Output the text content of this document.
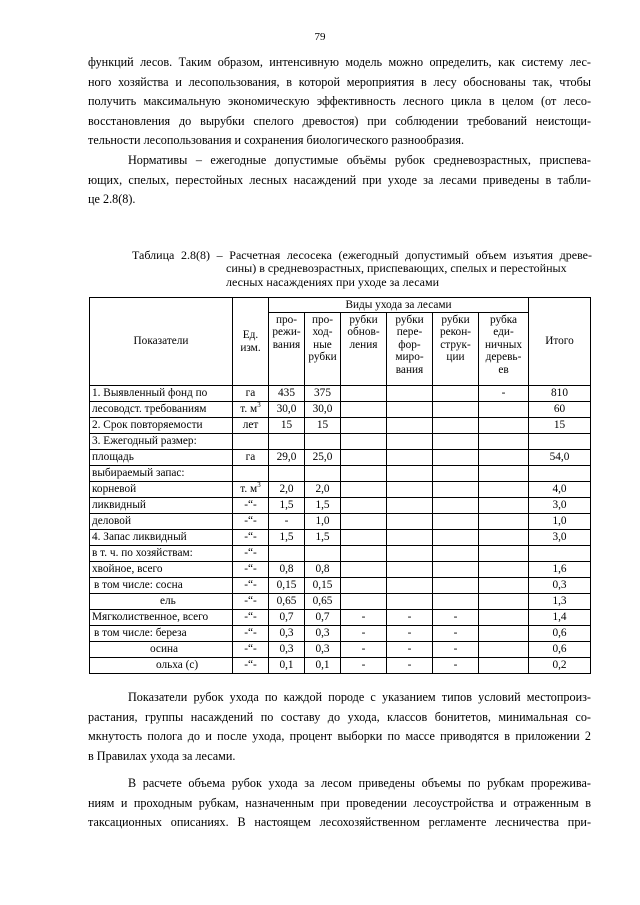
79
функций лесов. Таким образом, интенсивную модель можно определить, как систему лес-
ного хозяйства и лесопользования, в которой мероприятия в лесу обоснованы так, чтобы
получить максимальную экономическую эффективность лесного цикла в целом (от лесо-
восстановления до вырубки спелого древостоя) при соблюдении требований неистощи-
тельности лесопользования и сохранения биологического разнообразия.
Нормативы – ежегодные допустимые объёмы рубок средневозрастных, приспева-
ющих, спелых, перестойных лесных насаждений при уходе за лесами приведены в табли-
це 2.8(8).
Таблица 2.8(8) – Расчетная лесосека (ежегодный допустимый объем изъятия древе-
сины) в средневозрастных, приспевающих, спелых и перестойных
лесных насаждениях при уходе за лесами
Показатели	Ед.
изм.	Виды ухода за лесами						Итого
		про-
режи-
вания	про-
ход-
ные
рубки	рубки
обнов-
ления	рубки
пере-
фор-
миро-
вания	рубки
рекон-
струк-
ции	рубка
еди-
ничных
деревь-
ев	
1. Выявленный фонд по	га	435	375				-	810
лесоводст. требованиям	т. $м^3$	30,0	30,0					60
2. Срок повторяемости	лет	15	15					15
3. Ежегодный размер:								
площадь	га	29,0	25,0					54,0
выбираемый запас:								
корневой	т. $м^3$	2,0	2,0					4,0
ликвидный	-“-	1,5	1,5					3,0
деловой	-“-	-	1,0					1,0
4. Запас ликвидный	-“-	1,5	1,5					3,0
в т. ч. по хозяйствам:	-“-							
хвойное, всего	-“-	0,8	0,8					1,6
в том числе: сосна	-“-	0,15	0,15					0,3
ель	-“-	0,65	0,65					1,3
Мягколиственное, всего	-“-	0,7	0,7	-	-	-		1,4
в том числе: береза	-“-	0,3	0,3	-	-	-		0,6
осина	-“-	0,3	0,3	-	-	-		0,6
ольха (с)	-“-	0,1	0,1	-	-	-		0,2
Показатели рубок ухода по каждой породе с указанием типов условий местопроиз-
растания, группы насаждений по составу до ухода, классов бонитетов, минимальная со-
мкнутость полога до и после ухода, процент выборки по массе приводятся в приложении 2
в Правилах ухода за лесами.
В расчете объема рубок ухода за лесом приведены объемы по рубкам прорежива-
ниям и проходным рубкам, назначенным при проведении лесоустройства и отраженным в
таксационных описаниях. В настоящем лесохозяйственном регламенте лесничества при-
